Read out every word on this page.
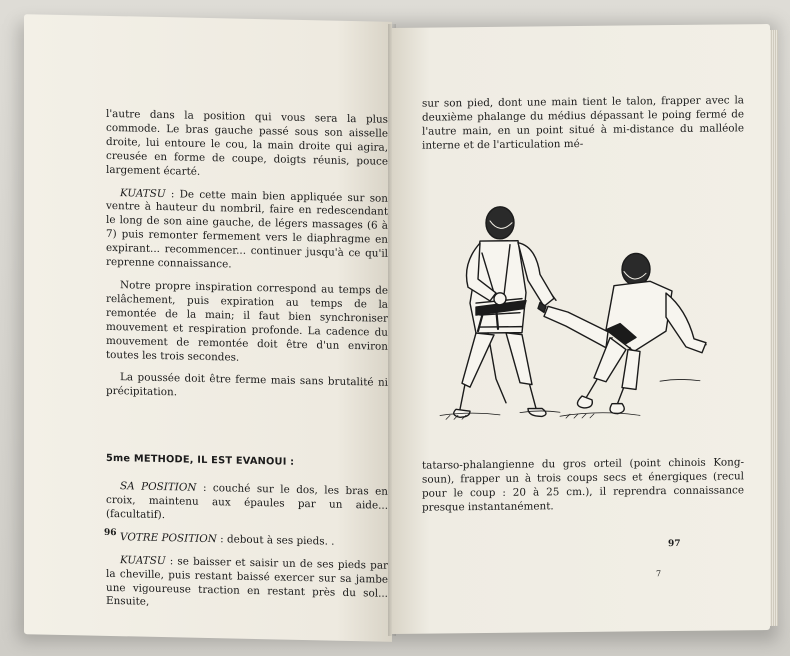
l'autre dans la position qui vous sera la plus commode. Le bras gauche passé sous son aisselle droite, lui entoure le cou, la main droite qui agira, creusée en forme de coupe, doigts réunis, pouce largement écarté.

KUATSU : De cette main bien appliquée sur son ventre à hauteur du nombril, faire en redescendant le long de son aine gauche, de légers massages (6 à 7) puis remonter fermement vers le diaphragme en expirant... recommencer... continuer jusqu'à ce qu'il reprenne connaissance.

Notre propre inspiration correspond au temps de relâchement, puis expiration au temps de la remontée de la main; il faut bien synchroniser mouvement et respiration profonde. La cadence du mouvement de remontée doit être d'un environ toutes les trois secondes.

La poussée doit être ferme mais sans brutalité ni précipitation.

5me METHODE, IL EST EVANOUI :

SA POSITION : couché sur le dos, les bras en croix, maintenu aux épaules par un aide... (facultatif).

VOTRE POSITION : debout à ses pieds. .

KUATSU : se baisser et saisir un de ses pieds par la cheville, puis restant baissé exercer sur sa jambe une vigoureuse traction en restant près du sol... Ensuite,

96
sur son pied, dont une main tient le talon, frapper avec la deuxième phalange du médius dépassant le poing fermé de l'autre main, en un point situé à mi-distance du malléole interne et de l'articulation mé-
tatarso-phalangienne du gros orteil (point chinois Kong-soun), frapper un à trois coups secs et énergiques (recul pour le coup : 20 à 25 cm.), il reprendra connaissance presque instantanément.
97
7
